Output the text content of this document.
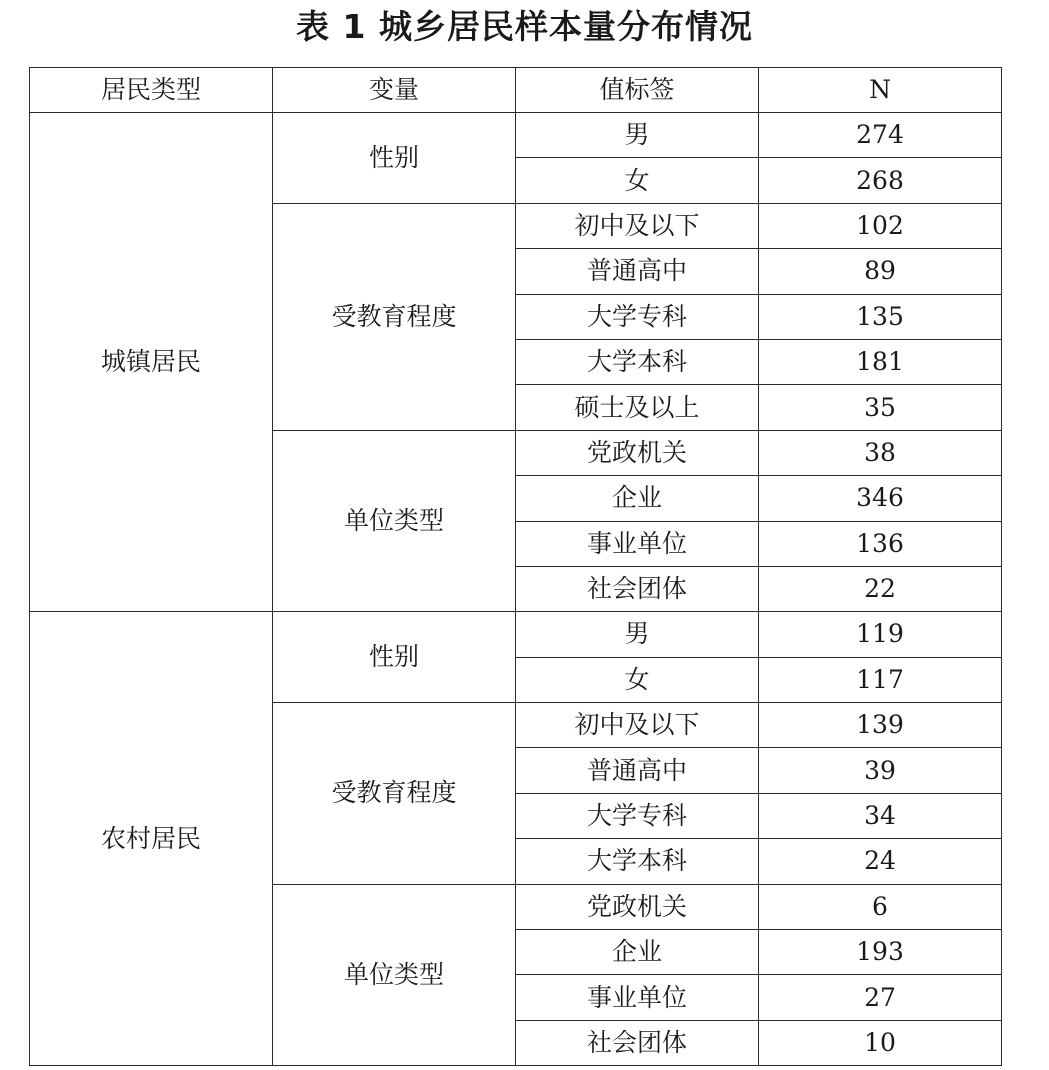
表 1 城乡居民样本量分布情况
居民类型	变量	值标签	N
城镇居民	性别	男	274
		女	268
	受教育程度	初中及以下	102
		普通高中	89
		大学专科	135
		大学本科	181
		硕士及以上	35
	单位类型	党政机关	38
		企业	346
		事业单位	136
		社会团体	22
农村居民	性别	男	119
		女	117
	受教育程度	初中及以下	139
		普通高中	39
		大学专科	34
		大学本科	24
	单位类型	党政机关	6
		企业	193
		事业单位	27
		社会团体	10
